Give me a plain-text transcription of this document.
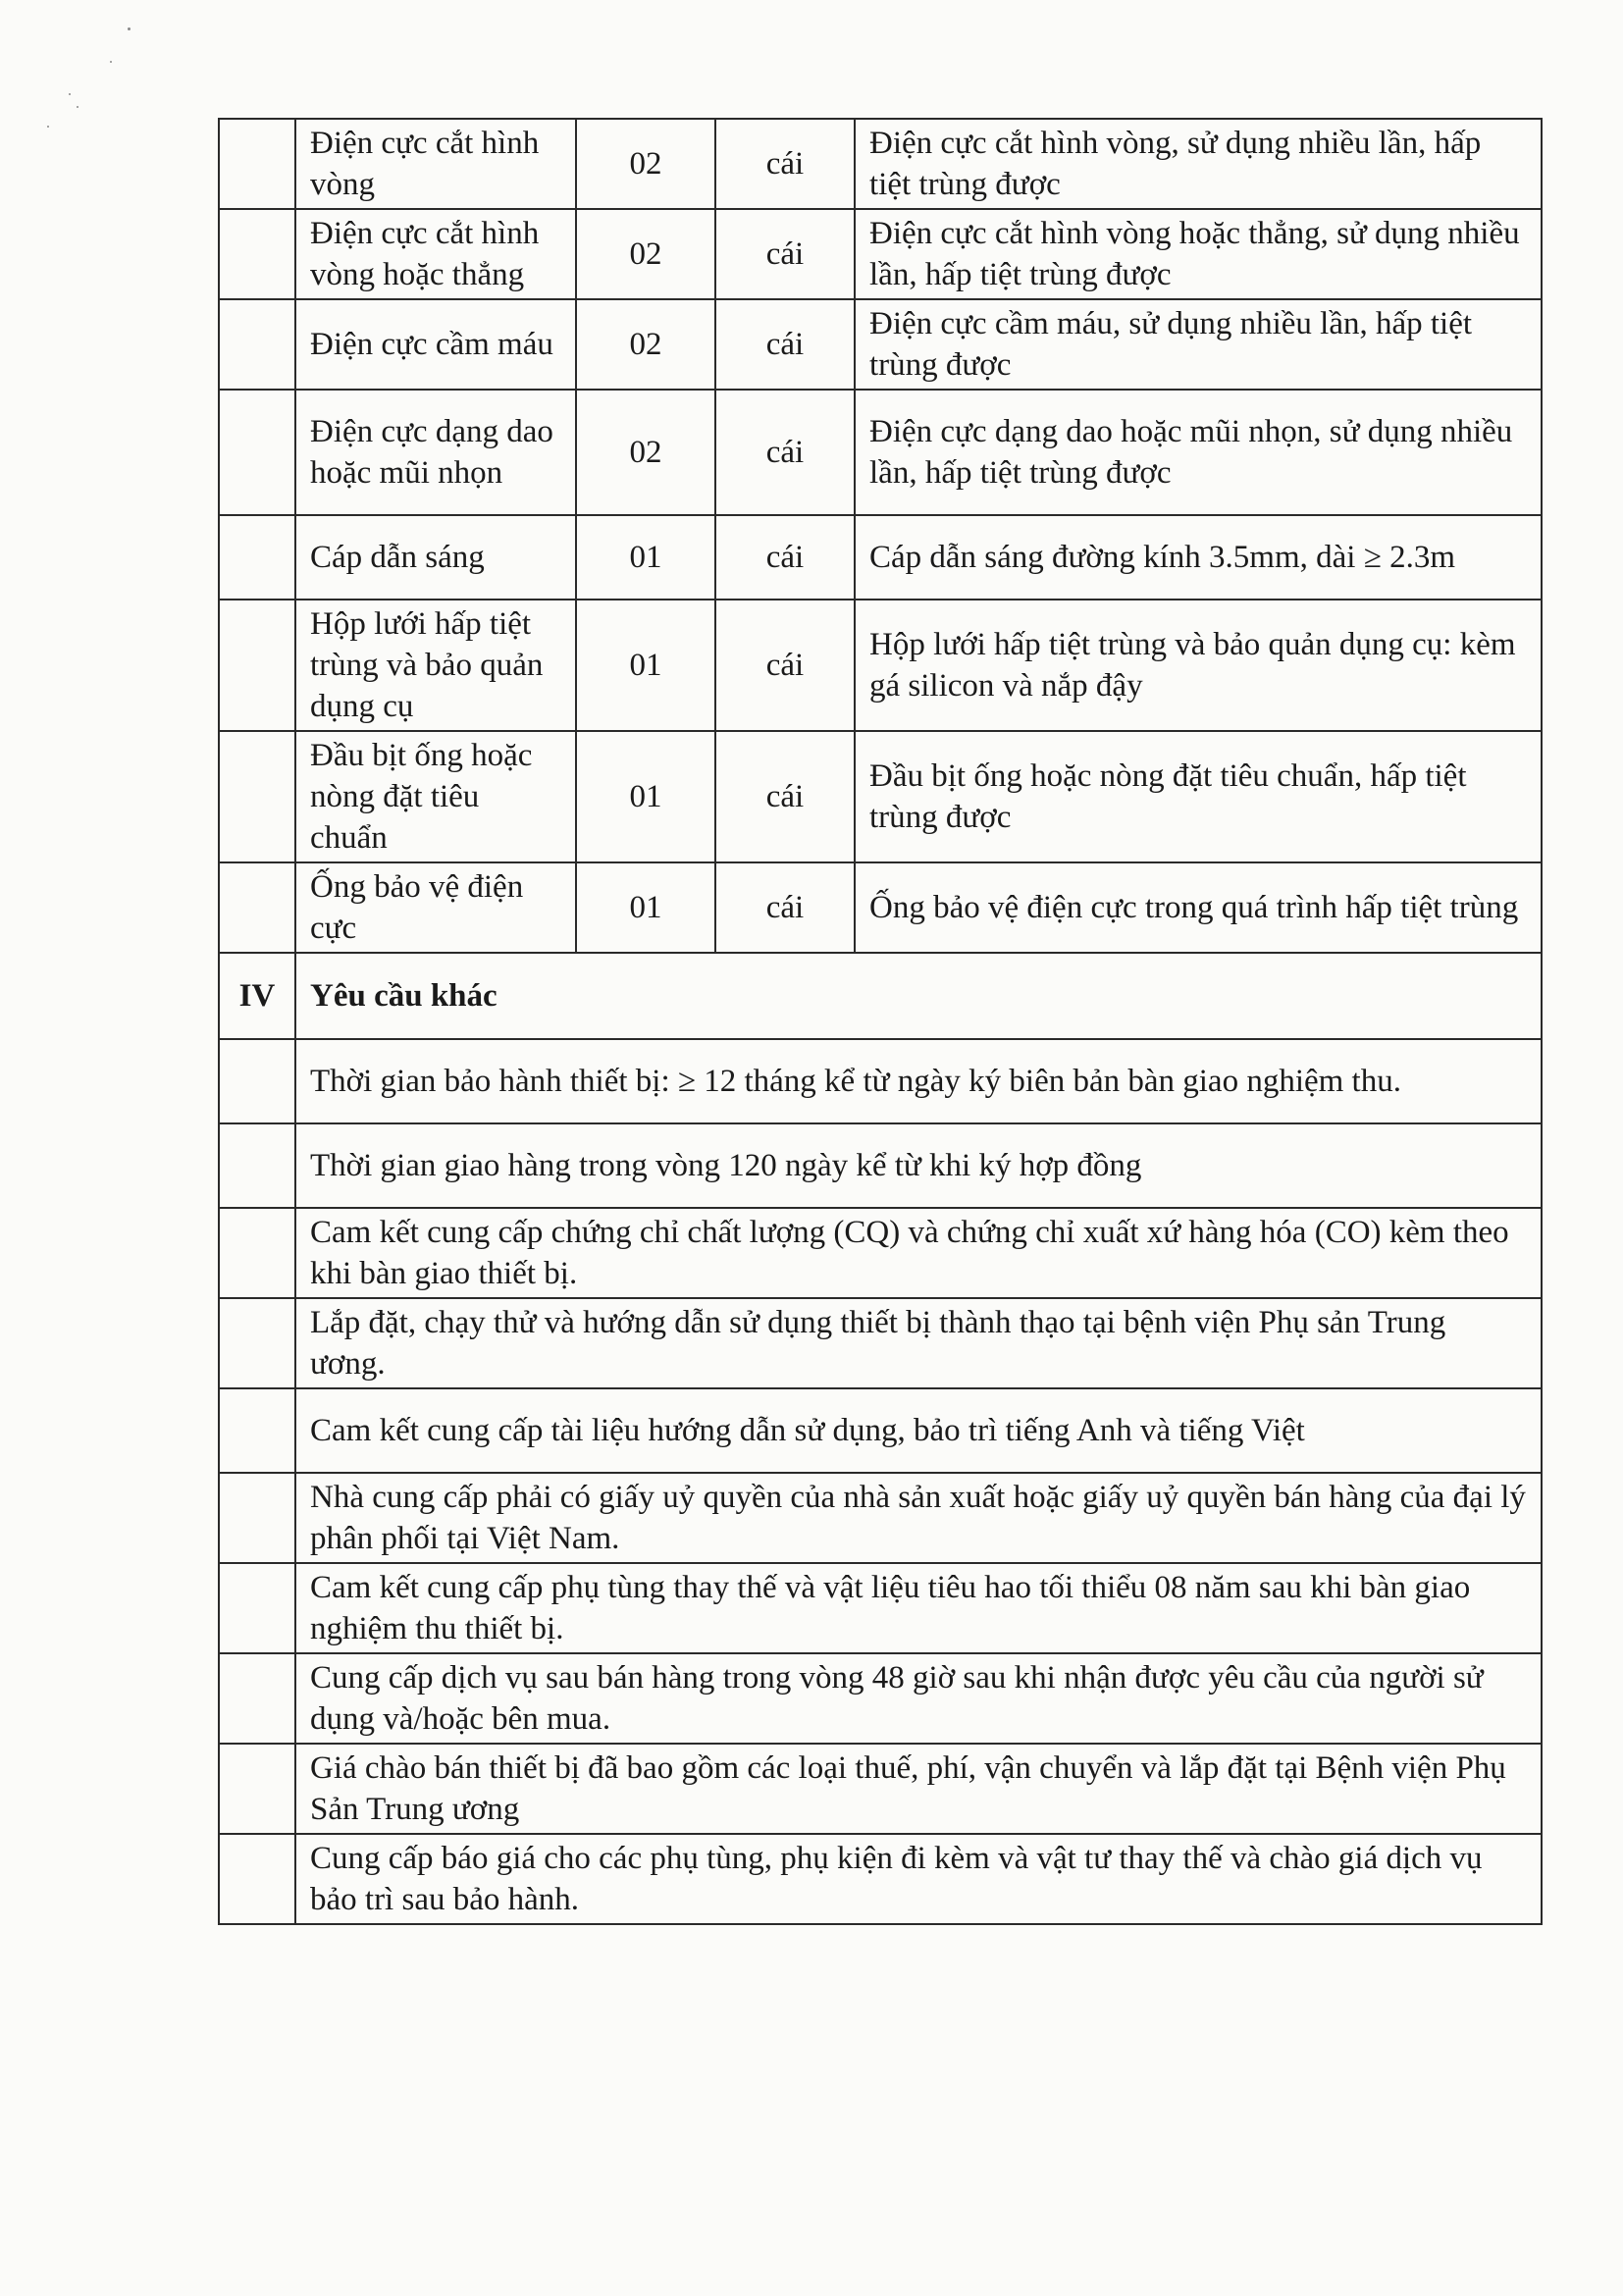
	Điện cực cắt hình vòng	02	cái	Điện cực cắt hình vòng, sử dụng nhiều lần, hấp tiệt trùng được
	Điện cực cắt hình vòng hoặc thẳng	02	cái	Điện cực cắt hình vòng hoặc thẳng, sử dụng nhiều lần, hấp tiệt trùng được
	Điện cực cầm máu	02	cái	Điện cực cầm máu, sử dụng nhiều lần, hấp tiệt trùng được
	Điện cực dạng dao hoặc mũi nhọn	02	cái	Điện cực dạng dao hoặc mũi nhọn, sử dụng nhiều lần, hấp tiệt trùng được
	Cáp dẫn sáng	01	cái	Cáp dẫn sáng đường kính 3.5mm, dài ≥ 2.3m
	Hộp lưới hấp tiệt trùng và bảo quản dụng cụ	01	cái	Hộp lưới hấp tiệt trùng và bảo quản dụng cụ: kèm gá silicon và nắp đậy
	Đầu bịt ống hoặc nòng đặt tiêu chuẩn	01	cái	Đầu bịt ống hoặc nòng đặt tiêu chuẩn, hấp tiệt trùng được
	Ống bảo vệ điện cực	01	cái	Ống bảo vệ điện cực trong quá trình hấp tiệt trùng
IV	Yêu cầu khác			
	Thời gian bảo hành thiết bị: ≥ 12 tháng kể từ ngày ký biên bản bàn giao nghiệm thu.			
	Thời gian giao hàng trong vòng 120 ngày kể từ khi ký hợp đồng			
	Cam kết cung cấp chứng chỉ chất lượng (CQ) và chứng chỉ xuất xứ hàng hóa (CO) kèm theo khi bàn giao thiết bị.			
	Lắp đặt, chạy thử và hướng dẫn sử dụng thiết bị thành thạo tại bệnh viện Phụ sản Trung ương.			
	Cam kết cung cấp tài liệu hướng dẫn sử dụng, bảo trì tiếng Anh và tiếng Việt			
	Nhà cung cấp phải có giấy uỷ quyền của nhà sản xuất hoặc giấy uỷ quyền bán hàng của đại lý phân phối tại Việt Nam.			
	Cam kết cung cấp phụ tùng thay thế và vật liệu tiêu hao tối thiểu 08 năm sau khi bàn giao nghiệm thu thiết bị.			
	Cung cấp dịch vụ sau bán hàng trong vòng 48 giờ sau khi nhận được yêu cầu của người sử dụng và/hoặc bên mua.			
	Giá chào bán thiết bị đã bao gồm các loại thuế, phí, vận chuyển và lắp đặt tại Bệnh viện Phụ Sản Trung ương			
	Cung cấp báo giá cho các phụ tùng, phụ kiện đi kèm và vật tư thay thế và chào giá dịch vụ bảo trì sau bảo hành.			
